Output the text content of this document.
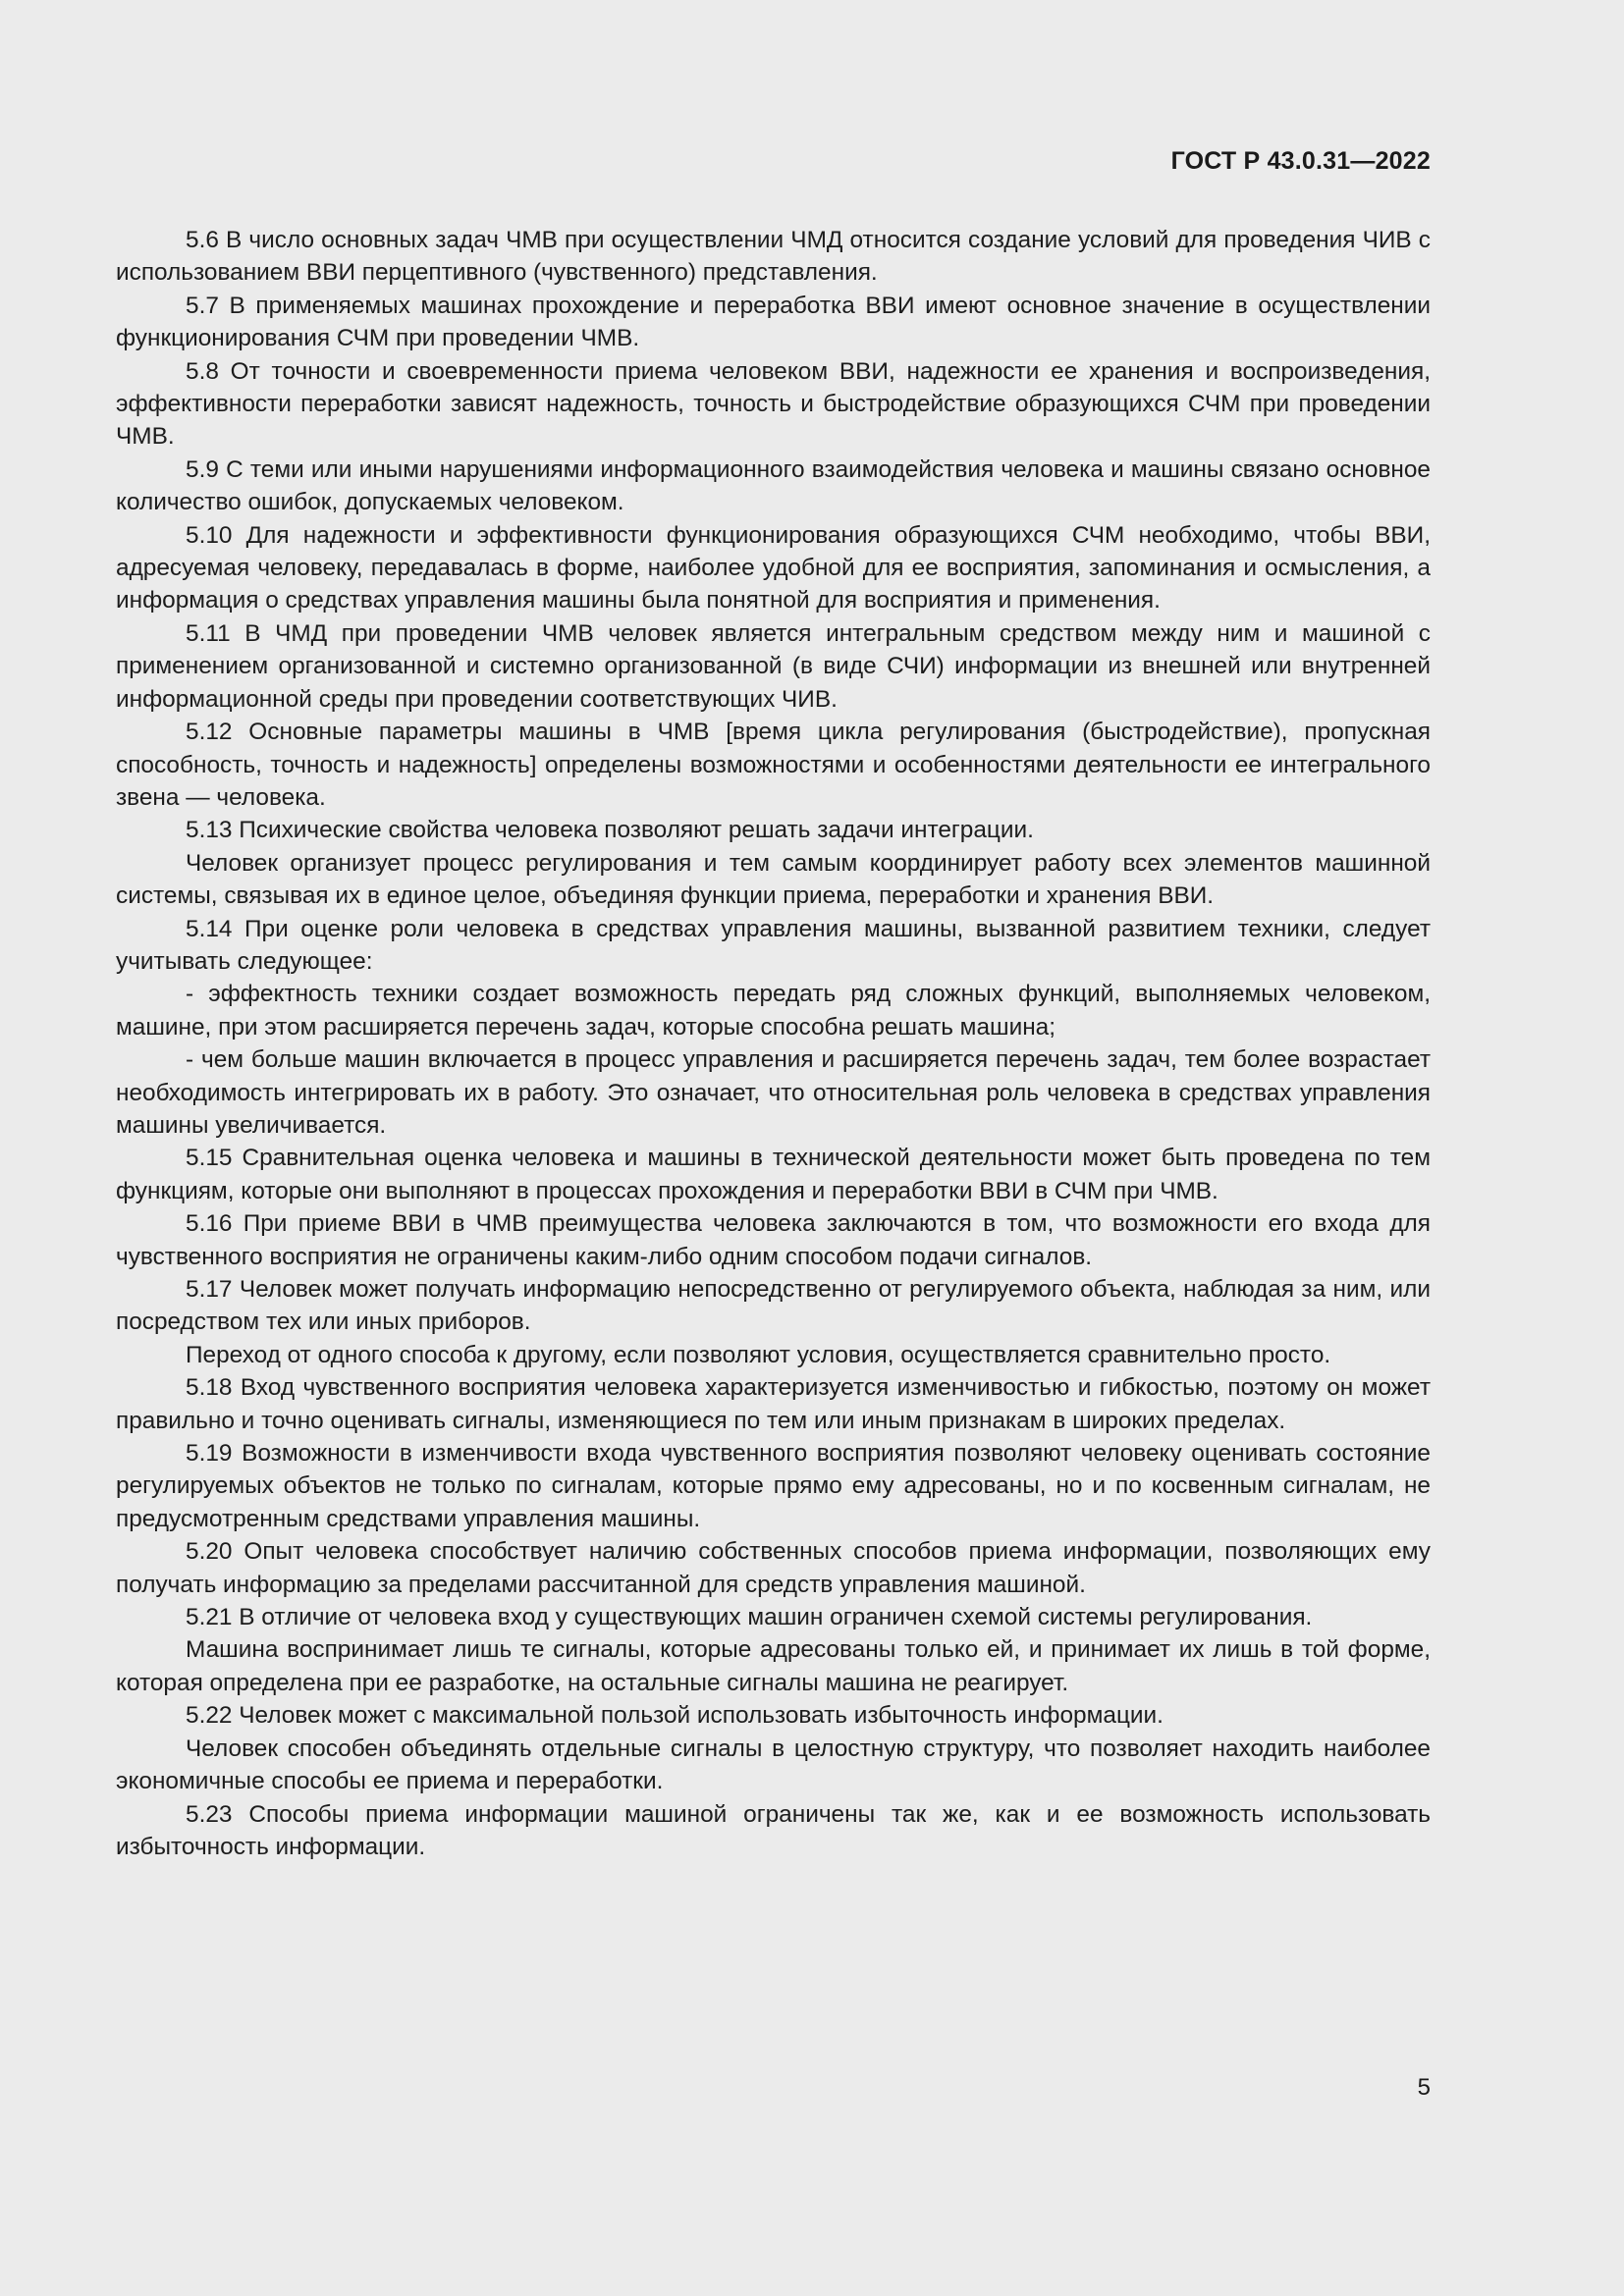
ГОСТ Р 43.0.31—2022

5.6 В число основных задач ЧМВ при осуществлении ЧМД относится создание условий для проведения ЧИВ с использованием ВВИ перцептивного (чувственного) представления.

5.7 В применяемых машинах прохождение и переработка ВВИ имеют основное значение в осуществлении функционирования СЧМ при проведении ЧМВ.

5.8 От точности и своевременности приема человеком ВВИ, надежности ее хранения и воспроизведения, эффективности переработки зависят надежность, точность и быстродействие образующихся СЧМ при проведении ЧМВ.

5.9 С теми или иными нарушениями информационного взаимодействия человека и машины связано основное количество ошибок, допускаемых человеком.

5.10 Для надежности и эффективности функционирования образующихся СЧМ необходимо, чтобы ВВИ, адресуемая человеку, передавалась в форме, наиболее удобной для ее восприятия, запоминания и осмысления, а информация о средствах управления машины была понятной для восприятия и применения.

5.11 В ЧМД при проведении ЧМВ человек является интегральным средством между ним и машиной с применением организованной и системно организованной (в виде СЧИ) информации из внешней или внутренней информационной среды при проведении соответствующих ЧИВ.

5.12 Основные параметры машины в ЧМВ [время цикла регулирования (быстродействие), пропускная способность, точность и надежность] определены возможностями и особенностями деятельности ее интегрального звена — человека.

5.13 Психические свойства человека позволяют решать задачи интеграции.

Человек организует процесс регулирования и тем самым координирует работу всех элементов машинной системы, связывая их в единое целое, объединяя функции приема, переработки и хранения ВВИ.

5.14 При оценке роли человека в средствах управления машины, вызванной развитием техники, следует учитывать следующее:

- эффектность техники создает возможность передать ряд сложных функций, выполняемых человеком, машине, при этом расширяется перечень задач, которые способна решать машина;

- чем больше машин включается в процесс управления и расширяется перечень задач, тем более возрастает необходимость интегрировать их в работу. Это означает, что относительная роль человека в средствах управления машины увеличивается.

5.15 Сравнительная оценка человека и машины в технической деятельности может быть проведена по тем функциям, которые они выполняют в процессах прохождения и переработки ВВИ в СЧМ при ЧМВ.

5.16 При приеме ВВИ в ЧМВ преимущества человека заключаются в том, что возможности его входа для чувственного восприятия не ограничены каким-либо одним способом подачи сигналов.

5.17 Человек может получать информацию непосредственно от регулируемого объекта, наблюдая за ним, или посредством тех или иных приборов.

Переход от одного способа к другому, если позволяют условия, осуществляется сравнительно просто.

5.18 Вход чувственного восприятия человека характеризуется изменчивостью и гибкостью, поэтому он может правильно и точно оценивать сигналы, изменяющиеся по тем или иным признакам в широких пределах.

5.19 Возможности в изменчивости входа чувственного восприятия позволяют человеку оценивать состояние регулируемых объектов не только по сигналам, которые прямо ему адресованы, но и по косвенным сигналам, не предусмотренным средствами управления машины.

5.20 Опыт человека способствует наличию собственных способов приема информации, позволяющих ему получать информацию за пределами рассчитанной для средств управления машиной.

5.21 В отличие от человека вход у существующих машин ограничен схемой системы регулирования.

Машина воспринимает лишь те сигналы, которые адресованы только ей, и принимает их лишь в той форме, которая определена при ее разработке, на остальные сигналы машина не реагирует.

5.22 Человек может с максимальной пользой использовать избыточность информации.

Человек способен объединять отдельные сигналы в целостную структуру, что позволяет находить наиболее экономичные способы ее приема и переработки.

5.23 Способы приема информации машиной ограничены так же, как и ее возможность использовать избыточность информации.

5
